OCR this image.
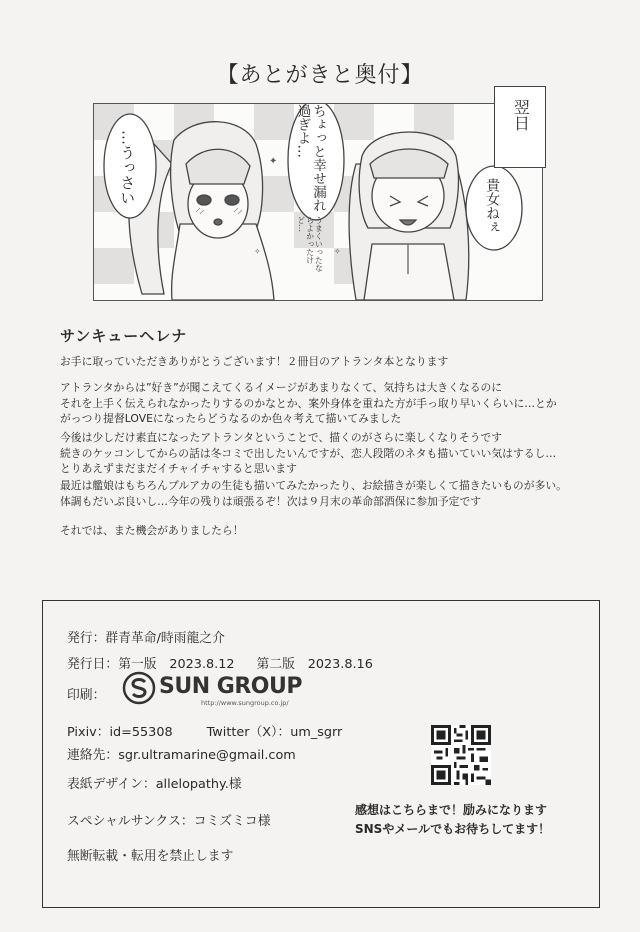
【あとがきと奥付】
✦
✧	✧
…うっさい	ちょっと幸せ漏れ過ぎよ…
うまくいったならよかったけど…	貴女ねぇ
翌日
サンキューヘレナ
お手に取っていただきありがとうございます！２冊目のアトランタ本となります
アトランタからは”好き”が聞こえてくるイメージがあまりなくて、気持ちは大きくなるのに
それを上手く伝えられなかったりするのかなとか、案外身体を重ねた方が手っ取り早いくらいに…とか
がっつり提督LOVEになったらどうなるのか色々考えて描いてみました
今後は少しだけ素直になったアトランタということで、描くのがさらに楽しくなりそうです
続きのケッコンしてからの話は冬コミで出したいんですが、恋人段階のネタも描いていい気はするし…
とりあえずまだまだイチャイチャすると思います
最近は艦娘はもちろんブルアカの生徒も描いてみたかったり、お絵描きが楽しくて描きたいものが多い。
体調もだいぶ良いし…今年の残りは頑張るぞ！次は９月末の革命部酒保に参加予定です
それでは、また機会がありましたら！
発行：群青革命/時雨龍之介
発行日：第一版　2023.8.12 第二版　2023.8.16
印刷： SUN GROUP
http://www.sungroup.co.jp/
Pixiv：id=55308	Twitter（X）：um_sgrr
連絡先：sgr.ultramarine@gmail.com
表紙デザイン：allelopathy.様
スペシャルサンクス：コミズミコ様
無断転載・転用を禁止します
感想はこちらまで！励みになります
SNSやメールでもお待ちしてます！
